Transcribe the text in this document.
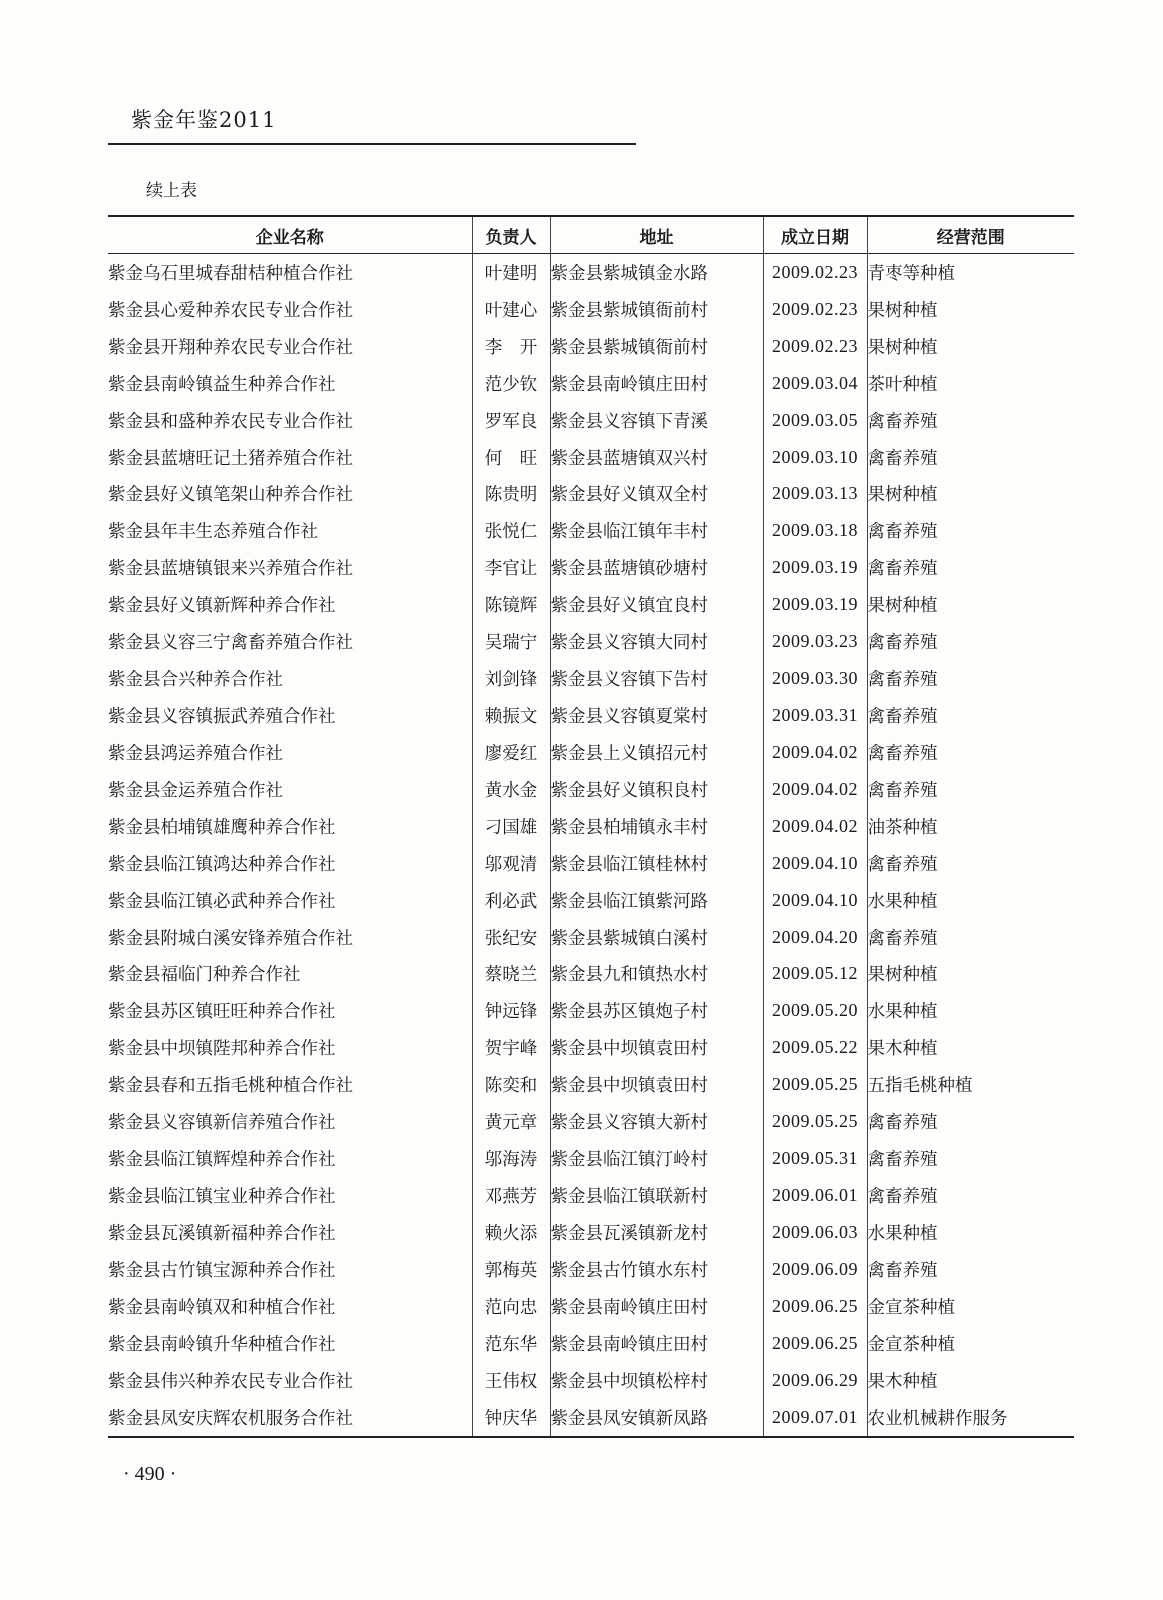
紫金年鉴2011
续上表
企业名称	负责人	地址	成立日期	经营范围
紫金乌石里城春甜桔种植合作社	叶建明	紫金县紫城镇金水路	2009.02.23	青枣等种植
紫金县心爱种养农民专业合作社	叶建心	紫金县紫城镇衙前村	2009.02.23	果树种植
紫金县开翔种养农民专业合作社	李　开	紫金县紫城镇衙前村	2009.02.23	果树种植
紫金县南岭镇益生种养合作社	范少钦	紫金县南岭镇庄田村	2009.03.04	茶叶种植
紫金县和盛种养农民专业合作社	罗军良	紫金县义容镇下青溪	2009.03.05	禽畜养殖
紫金县蓝塘旺记土猪养殖合作社	何　旺	紫金县蓝塘镇双兴村	2009.03.10	禽畜养殖
紫金县好义镇笔架山种养合作社	陈贵明	紫金县好义镇双全村	2009.03.13	果树种植
紫金县年丰生态养殖合作社	张悦仁	紫金县临江镇年丰村	2009.03.18	禽畜养殖
紫金县蓝塘镇银来兴养殖合作社	李官让	紫金县蓝塘镇砂塘村	2009.03.19	禽畜养殖
紫金县好义镇新辉种养合作社	陈镜辉	紫金县好义镇宜良村	2009.03.19	果树种植
紫金县义容三宁禽畜养殖合作社	吴瑞宁	紫金县义容镇大同村	2009.03.23	禽畜养殖
紫金县合兴种养合作社	刘剑锋	紫金县义容镇下告村	2009.03.30	禽畜养殖
紫金县义容镇振武养殖合作社	赖振文	紫金县义容镇夏棠村	2009.03.31	禽畜养殖
紫金县鸿运养殖合作社	廖爱红	紫金县上义镇招元村	2009.04.02	禽畜养殖
紫金县金运养殖合作社	黄水金	紫金县好义镇积良村	2009.04.02	禽畜养殖
紫金县柏埔镇雄鹰种养合作社	刁国雄	紫金县柏埔镇永丰村	2009.04.02	油茶种植
紫金县临江镇鸿达种养合作社	邬观清	紫金县临江镇桂林村	2009.04.10	禽畜养殖
紫金县临江镇必武种养合作社	利必武	紫金县临江镇紫河路	2009.04.10	水果种植
紫金县附城白溪安锋养殖合作社	张纪安	紫金县紫城镇白溪村	2009.04.20	禽畜养殖
紫金县福临门种养合作社	蔡晓兰	紫金县九和镇热水村	2009.05.12	果树种植
紫金县苏区镇旺旺种养合作社	钟远锋	紫金县苏区镇炮子村	2009.05.20	水果种植
紫金县中坝镇陛邦种养合作社	贺宇峰	紫金县中坝镇袁田村	2009.05.22	果木种植
紫金县春和五指毛桃种植合作社	陈奕和	紫金县中坝镇袁田村	2009.05.25	五指毛桃种植
紫金县义容镇新信养殖合作社	黄元章	紫金县义容镇大新村	2009.05.25	禽畜养殖
紫金县临江镇辉煌种养合作社	邬海涛	紫金县临江镇汀岭村	2009.05.31	禽畜养殖
紫金县临江镇宝业种养合作社	邓燕芳	紫金县临江镇联新村	2009.06.01	禽畜养殖
紫金县瓦溪镇新福种养合作社	赖火添	紫金县瓦溪镇新龙村	2009.06.03	水果种植
紫金县古竹镇宝源种养合作社	郭梅英	紫金县古竹镇水东村	2009.06.09	禽畜养殖
紫金县南岭镇双和种植合作社	范向忠	紫金县南岭镇庄田村	2009.06.25	金宣茶种植
紫金县南岭镇升华种植合作社	范东华	紫金县南岭镇庄田村	2009.06.25	金宣茶种植
紫金县伟兴种养农民专业合作社	王伟权	紫金县中坝镇松梓村	2009.06.29	果木种植
紫金县凤安庆辉农机服务合作社	钟庆华	紫金县凤安镇新凤路	2009.07.01	农业机械耕作服务
· 490 ·
